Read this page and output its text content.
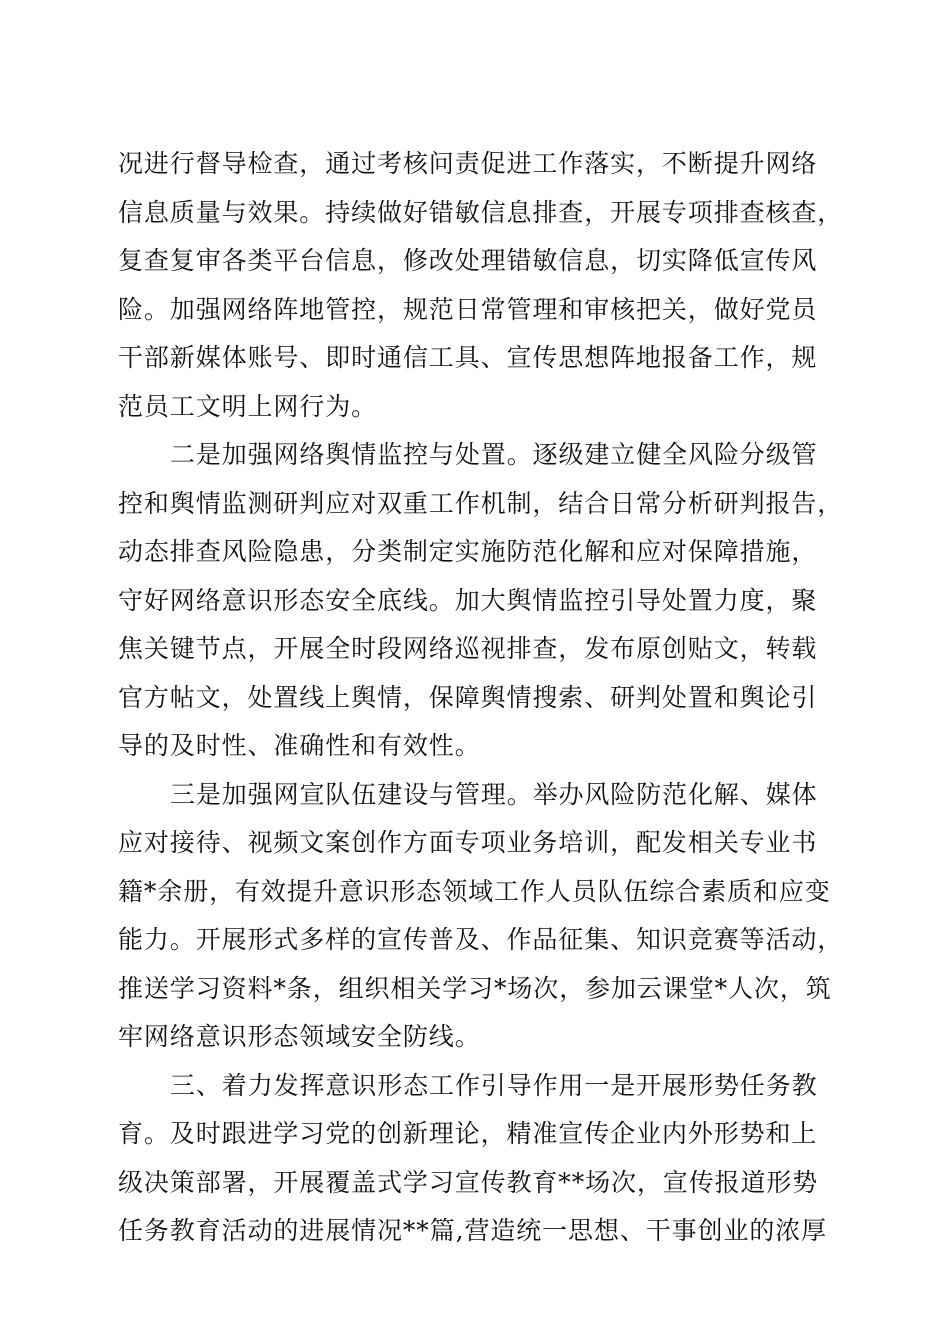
况进行督导检查，通过考核问责促进工作落实，不断提升网络
信息质量与效果。持续做好错敏信息排查，开展专项排查核查，
复查复审各类平台信息，修改处理错敏信息，切实降低宣传风
险。加强网络阵地管控，规范日常管理和审核把关，做好党员
干部新媒体账号、即时通信工具、宣传思想阵地报备工作，规
范员工文明上网行为。
二是加强网络舆情监控与处置。逐级建立健全风险分级管
控和舆情监测研判应对双重工作机制，结合日常分析研判报告，
动态排查风险隐患，分类制定实施防范化解和应对保障措施，
守好网络意识形态安全底线。加大舆情监控引导处置力度，聚
焦关键节点，开展全时段网络巡视排查，发布原创贴文，转载
官方帖文，处置线上舆情，保障舆情搜索、研判处置和舆论引
导的及时性、准确性和有效性。
三是加强网宣队伍建设与管理。举办风险防范化解、媒体
应对接待、视频文案创作方面专项业务培训，配发相关专业书
籍*余册，有效提升意识形态领域工作人员队伍综合素质和应变
能力。开展形式多样的宣传普及、作品征集、知识竞赛等活动，
推送学习资料*条，组织相关学习*场次，参加云课堂*人次，筑
牢网络意识形态领域安全防线。
三、着力发挥意识形态工作引导作用一是开展形势任务教
育。及时跟进学习党的创新理论，精准宣传企业内外形势和上
级决策部署，开展覆盖式学习宣传教育**场次，宣传报道形势
任务教育活动的进展情况**篇,营造统一思想、干事创业的浓厚
